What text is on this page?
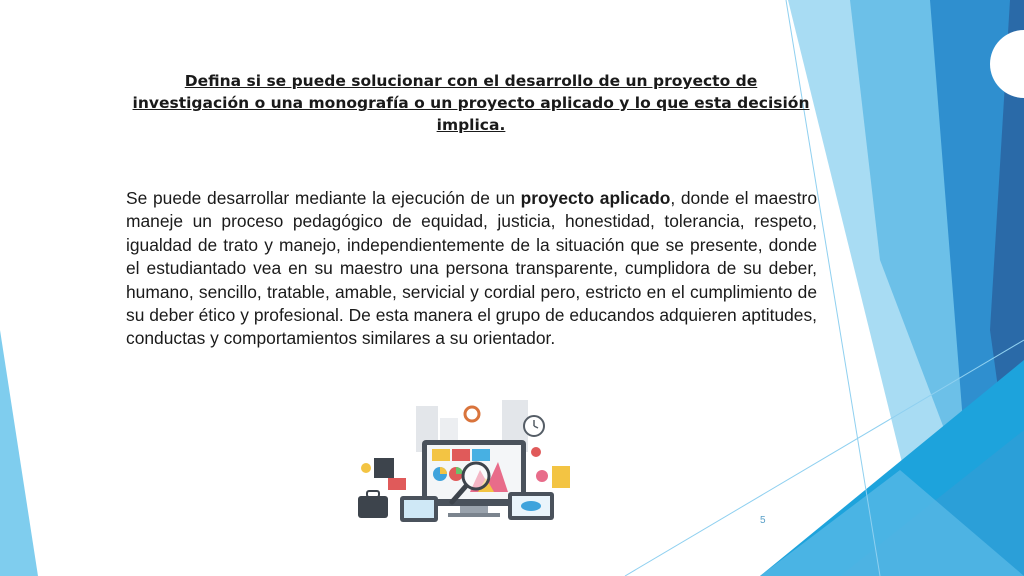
Defina si se puede solucionar con el desarrollo de un proyecto de investigación o una monografía o un proyecto aplicado y lo que esta decisión implica.

Se puede desarrollar mediante la ejecución de un proyecto aplicado, donde el maestro maneje un proceso pedagógico de equidad, justicia, honestidad, tolerancia, respeto, igualdad de trato y manejo, independientemente de la situación que se presente, donde el estudiantado vea en su maestro una persona transparente, cumplidora de su deber, humano, sencillo, tratable, amable, servicial y cordial pero, estricto en el cumplimiento de su deber ético y profesional. De esta manera el grupo de educandos adquieren aptitudes, conductas y comportamientos similares a su orientador.

5
